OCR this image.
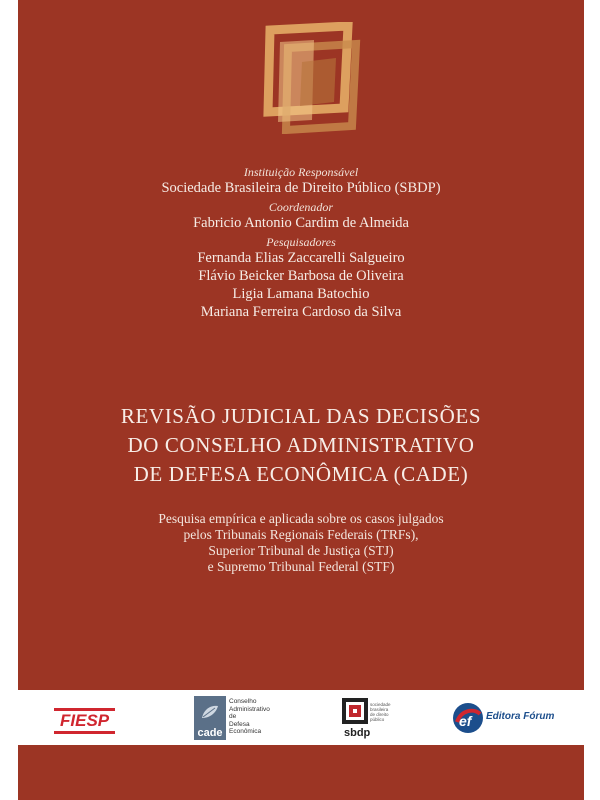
Instituição Responsável
Sociedade Brasileira de Direito Público (SBDP)
Coordenador
Fabricio Antonio Cardim de Almeida
Pesquisadores
Fernanda Elias Zaccarelli Salgueiro
Flávio Beicker Barbosa de Oliveira
Ligia Lamana Batochio
Mariana Ferreira Cardoso da Silva
REVISÃO JUDICIAL DAS DECISÕES
DO CONSELHO ADMINISTRATIVO
DE DEFESA ECONÔMICA (CADE)
Pesquisa empírica e aplicada sobre os casos julgados
pelos Tribunais Regionais Federais (TRFs),
Superior Tribunal de Justiça (STJ)
e Supremo Tribunal Federal (STF)
FIESP
cade
Conselho
Administrativo
de
Defesa
Econômica
sociedade
brasileira
de direito
público
sbdp
ef Editora Fórum
